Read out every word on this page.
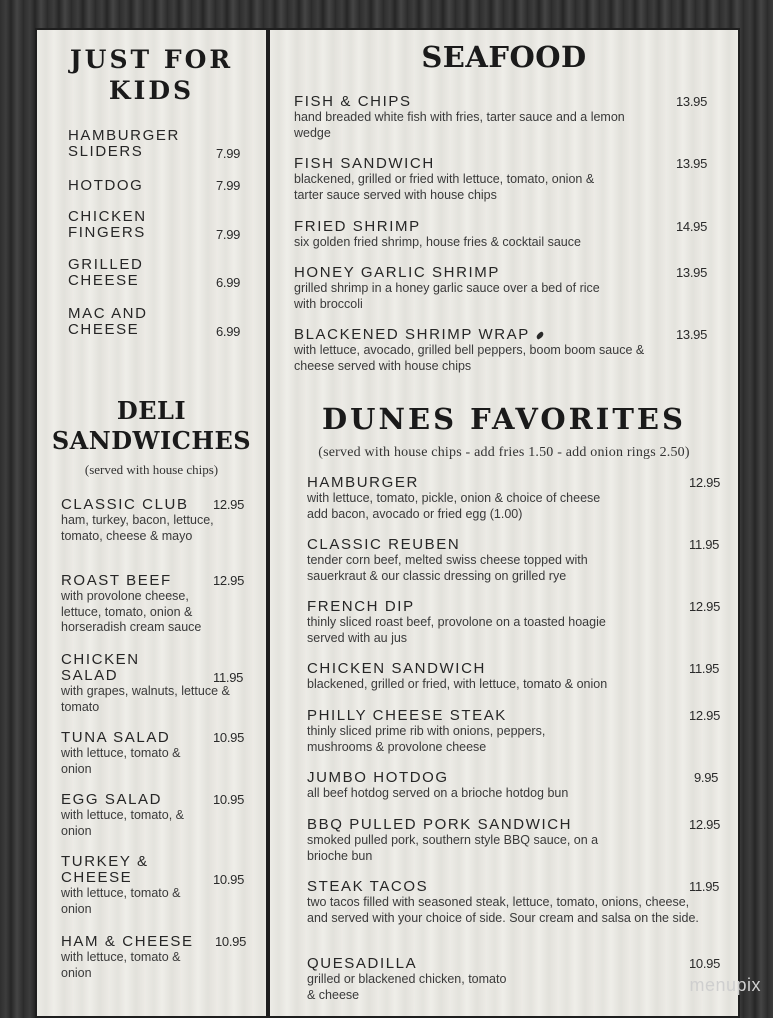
JUST FOR KIDS
HAMBURGER SLIDERS	7.99
HOTDOG	7.99
CHICKEN FINGERS	7.99
GRILLED CHEESE	6.99
MAC AND CHEESE	6.99
DELI SANDWICHES
(served with house chips)
CLASSIC CLUB	12.95
ham, turkey, bacon, lettuce, tomato, cheese & mayo
ROAST BEEF	12.95
with provolone cheese, lettuce, tomato, onion & horseradish cream sauce
CHICKEN SALAD	11.95
with grapes, walnuts, lettuce & tomato
TUNA SALAD	10.95
with lettuce, tomato & onion
EGG SALAD	10.95
with lettuce, tomato, & onion
TURKEY & CHEESE	10.95
with lettuce, tomato & onion
HAM & CHEESE	10.95
with lettuce, tomato & onion
SEAFOOD
FISH & CHIPS	13.95
hand breaded white fish with fries, tarter sauce and a lemon wedge
FISH SANDWICH	13.95
blackened, grilled or fried with lettuce, tomato, onion & tarter sauce served with house chips
FRIED SHRIMP	14.95
six golden fried shrimp, house fries & cocktail sauce
HONEY GARLIC SHRIMP	13.95
grilled shrimp in a honey garlic sauce over a bed of rice with broccoli
BLACKENED SHRIMP WRAP	13.95
with lettuce, avocado, grilled bell peppers, boom boom sauce & cheese served with house chips
DUNES FAVORITES
(served with house chips - add fries 1.50 - add onion rings 2.50)
HAMBURGER	12.95
with lettuce, tomato, pickle, onion & choice of cheese add bacon, avocado or fried egg (1.00)
CLASSIC REUBEN	11.95
tender corn beef, melted swiss cheese topped with sauerkraut & our classic dressing on grilled rye
FRENCH DIP	12.95
thinly sliced roast beef, provolone on a toasted hoagie served with au jus
CHICKEN SANDWICH	11.95
blackened, grilled or fried, with lettuce, tomato & onion
PHILLY CHEESE STEAK	12.95
thinly sliced prime rib with onions, peppers, mushrooms & provolone cheese
JUMBO HOTDOG	9.95
all beef hotdog served on a brioche hotdog bun
BBQ PULLED PORK SANDWICH	12.95
smoked pulled pork, southern style BBQ sauce, on a brioche bun
STEAK TACOS	11.95
two tacos filled with seasoned steak, lettuce, tomato, onions, cheese, and served with your choice of side. Sour cream and salsa on the side.
QUESADILLA	10.95
grilled or blackened chicken, tomato & cheese	menupix
